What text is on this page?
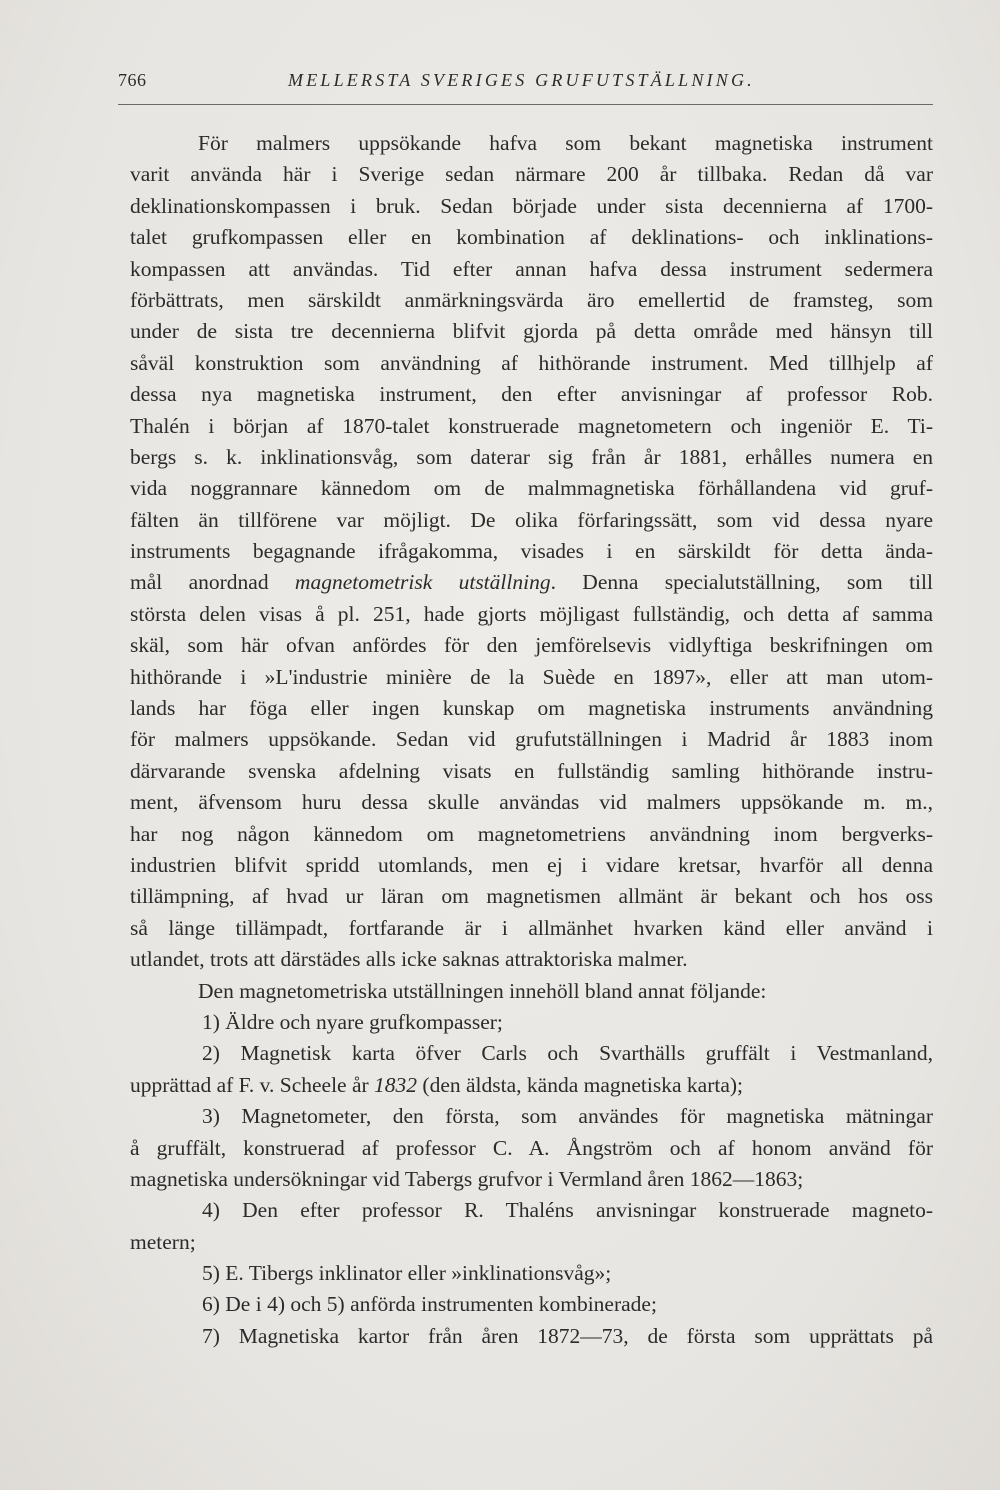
766	MELLERSTA SVERIGES GRUFUTSTÄLLNING.
För malmers uppsökande hafva som bekant magnetiska instrument
varit använda här i Sverige sedan närmare 200 år tillbaka. Redan då var
deklinationskompassen i bruk. Sedan började under sista decennierna af 1700-
talet grufkompassen eller en kombination af deklinations- och inklinations-
kompassen att användas. Tid efter annan hafva dessa instrument sedermera
förbättrats, men särskildt anmärkningsvärda äro emellertid de framsteg, som
under de sista tre decennierna blifvit gjorda på detta område med hänsyn till
såväl konstruktion som användning af hithörande instrument. Med tillhjelp af
dessa nya magnetiska instrument, den efter anvisningar af professor Rob.
Thalén i början af 1870-talet konstruerade magnetometern och ingeniör E. Ti-
bergs s. k. inklinationsvåg, som daterar sig från år 1881, erhålles numera en
vida noggrannare kännedom om de malmmagnetiska förhållandena vid gruf-
fälten än tillförene var möjligt. De olika förfaringssätt, som vid dessa nyare
instruments begagnande ifrågakomma, visades i en särskildt för detta ända-
mål anordnad magnetometrisk utställning. Denna specialutställning, som till
största delen visas å pl. 251, hade gjorts möjligast fullständig, och detta af samma
skäl, som här ofvan anfördes för den jemförelsevis vidlyftiga beskrifningen om
hithörande i »L'industrie minière de la Suède en 1897», eller att man utom-
lands har föga eller ingen kunskap om magnetiska instruments användning
för malmers uppsökande. Sedan vid grufutställningen i Madrid år 1883 inom
därvarande svenska afdelning visats en fullständig samling hithörande instru-
ment, äfvensom huru dessa skulle användas vid malmers uppsökande m. m.,
har nog någon kännedom om magnetometriens användning inom bergverks-
industrien blifvit spridd utomlands, men ej i vidare kretsar, hvarför all denna
tillämpning, af hvad ur läran om magnetismen allmänt är bekant och hos oss
så länge tillämpadt, fortfarande är i allmänhet hvarken känd eller använd i
utlandet, trots att därstädes alls icke saknas attraktoriska malmer.
Den magnetometriska utställningen innehöll bland annat följande:
1) Äldre och nyare grufkompasser;
2) Magnetisk karta öfver Carls och Svarthälls gruffält i Vestmanland,
upprättad af F. v. Scheele år 1832 (den äldsta, kända magnetiska karta);
3) Magnetometer, den första, som användes för magnetiska mätningar
å gruffält, konstruerad af professor C. A. Ångström och af honom använd för
magnetiska undersökningar vid Tabergs grufvor i Vermland åren 1862—1863;
4) Den efter professor R. Thaléns anvisningar konstruerade magneto-
metern;
5) E. Tibergs inklinator eller »inklinationsvåg»;
6) De i 4) och 5) anförda instrumenten kombinerade;
7) Magnetiska kartor från åren 1872—73, de första som upprättats på
